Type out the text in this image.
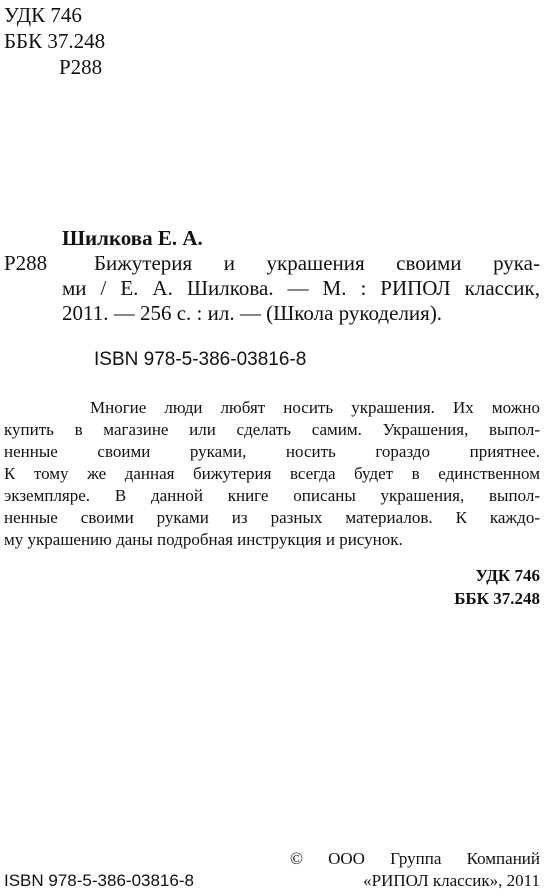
УДК 746
ББК 37.248
Р288
Шилкова Е. А.
Р288 Бижутерия и украшения своими рука-
ми / Е. А. Шилкова. — М. : РИПОЛ классик,
2011. — 256 с. : ил. — (Школа рукоделия).
ISBN 978-5-386-03816-8
Многие люди любят носить украшения. Их можно
купить в магазине или сделать самим. Украшения, выпол-
ненные своими руками, носить гораздо приятнее.
К тому же данная бижутерия всегда будет в единственном
экземпляре. В данной книге описаны украшения, выпол-
ненные своими руками из разных материалов. К каждо-
му украшению даны подробная инструкция и рисунок.
УДК 746
ББК 37.248
ISBN 978-5-386-03816-8
© ООО Группа Компаний
«РИПОЛ классик», 2011
